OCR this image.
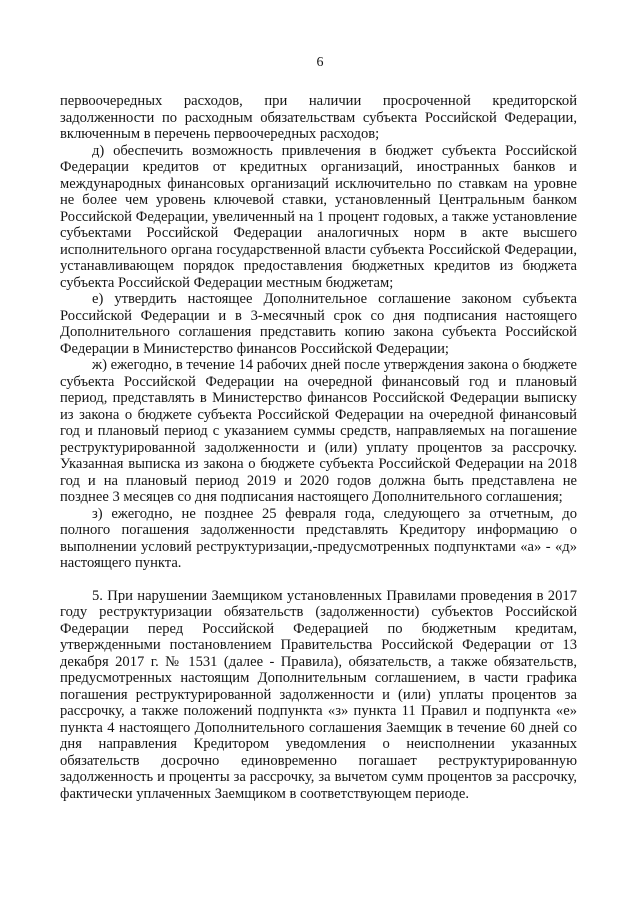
6

первоочередных расходов, при наличии просроченной кредиторской задолженности по расходным обязательствам субъекта Российской Федерации, включенным в перечень первоочередных расходов;

д) обеспечить возможность привлечения в бюджет субъекта Российской Федерации кредитов от кредитных организаций, иностранных банков и международных финансовых организаций исключительно по ставкам на уровне не более чем уровень ключевой ставки, установленный Центральным банком Российской Федерации, увеличенный на 1 процент годовых, а также установление субъектами Российской Федерации аналогичных норм в акте высшего исполнительного органа государственной власти субъекта Российской Федерации, устанавливающем порядок предоставления бюджетных кредитов из бюджета субъекта Российской Федерации местным бюджетам;

е) утвердить настоящее Дополнительное соглашение законом субъекта Российской Федерации и в 3-месячный срок со дня подписания настоящего Дополнительного соглашения представить копию закона субъекта Российской Федерации в Министерство финансов Российской Федерации;

ж) ежегодно, в течение 14 рабочих дней после утверждения закона о бюджете субъекта Российской Федерации на очередной финансовый год и плановый период, представлять в Министерство финансов Российской Федерации выписку из закона о бюджете субъекта Российской Федерации на очередной финансовый год и плановый период с указанием суммы средств, направляемых на погашение реструктурированной задолженности и (или) уплату процентов за рассрочку. Указанная выписка из закона о бюджете субъекта Российской Федерации на 2018 год и на плановый период 2019 и 2020 годов должна быть представлена не позднее 3 месяцев со дня подписания настоящего Дополнительного соглашения;

з) ежегодно, не позднее 25 февраля года, следующего за отчетным, до полного погашения задолженности представлять Кредитору информацию о выполнении условий реструктуризации,-предусмотренных подпунктами «а» - «д» настоящего пункта.

5. При нарушении Заемщиком установленных Правилами проведения в 2017 году реструктуризации обязательств (задолженности) субъектов Российской Федерации перед Российской Федерацией по бюджетным кредитам, утвержденными постановлением Правительства Российской Федерации от 13 декабря 2017 г. № 1531 (далее - Правила), обязательств, а также обязательств, предусмотренных настоящим Дополнительным соглашением, в части графика погашения реструктурированной задолженности и (или) уплаты процентов за рассрочку, а также положений подпункта «з» пункта 11 Правил и подпункта «е» пункта 4 настоящего Дополнительного соглашения Заемщик в течение 60 дней со дня направления Кредитором уведомления о неисполнении указанных обязательств досрочно единовременно погашает реструктурированную задолженность и проценты за рассрочку, за вычетом сумм процентов за рассрочку, фактически уплаченных Заемщиком в соответствующем периоде.
